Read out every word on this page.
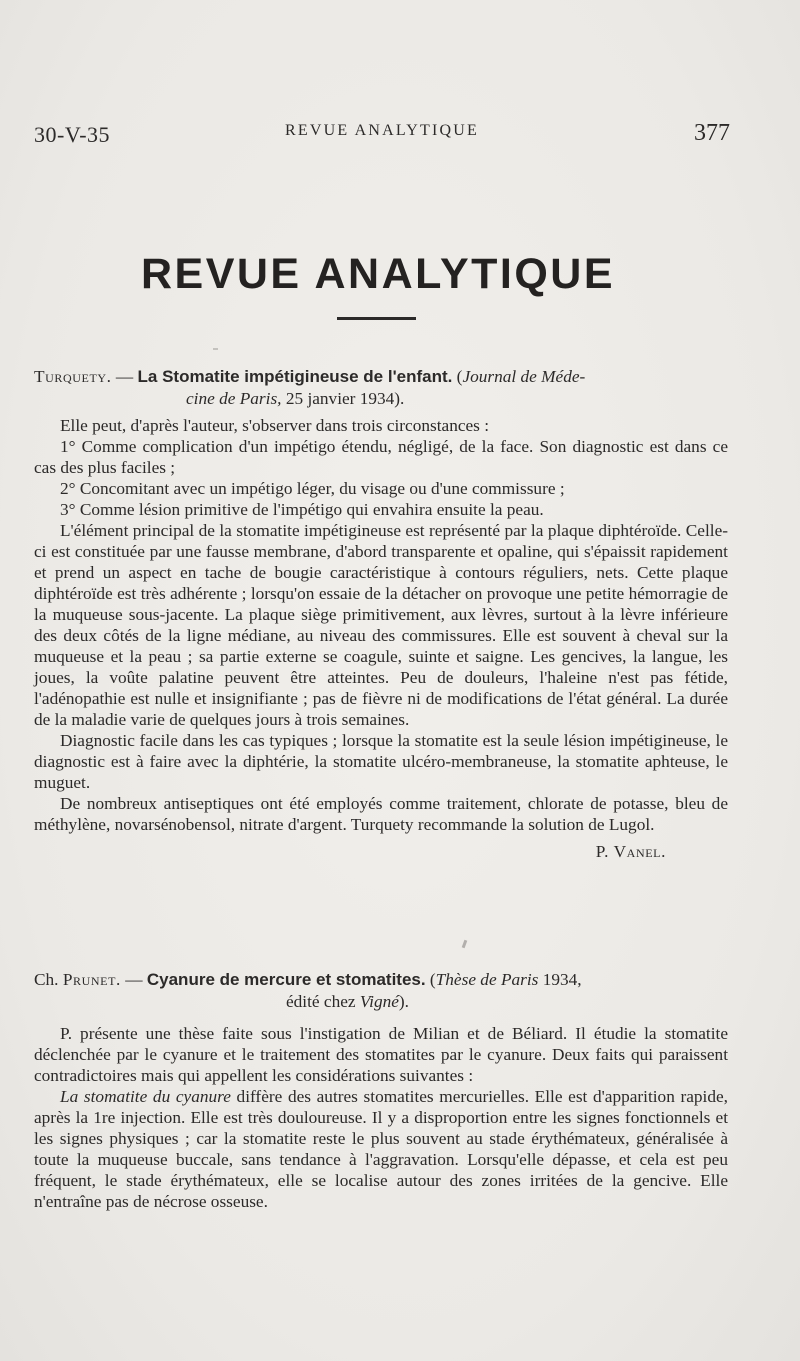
30-V-35	REVUE ANALYTIQUE	377
REVUE ANALYTIQUE
Turquety. — La Stomatite impétigineuse de l'enfant. (Journal de Méde-
cine de Paris, 25 janvier 1934).

Elle peut, d'après l'auteur, s'observer dans trois circonstances :

1° Comme complication d'un impétigo étendu, négligé, de la face. Son diagnostic est dans ce cas des plus faciles ;

2° Concomitant avec un impétigo léger, du visage ou d'une commissure ;

3° Comme lésion primitive de l'impétigo qui envahira ensuite la peau.

L'élément principal de la stomatite impétigineuse est représenté par la plaque diphtéroïde. Celle-ci est constituée par une fausse membrane, d'abord transparente et opaline, qui s'épaissit rapidement et prend un aspect en tache de bougie caractéristique à contours réguliers, nets. Cette plaque diphtéroïde est très adhérente ; lorsqu'on essaie de la détacher on provoque une petite hémorragie de la muqueuse sous-jacente. La plaque siège primitivement, aux lèvres, surtout à la lèvre inférieure des deux côtés de la ligne médiane, au niveau des commissures. Elle est souvent à cheval sur la muqueuse et la peau ; sa partie externe se coagule, suinte et saigne. Les gencives, la langue, les joues, la voûte palatine peuvent être atteintes. Peu de douleurs, l'haleine n'est pas fétide, l'adénopathie est nulle et insignifiante ; pas de fièvre ni de modifications de l'état général. La durée de la maladie varie de quelques jours à trois semaines.

Diagnostic facile dans les cas typiques ; lorsque la stomatite est la seule lésion impétigineuse, le diagnostic est à faire avec la diphtérie, la stomatite ulcéro-membraneuse, la stomatite aphteuse, le muguet.

De nombreux antiseptiques ont été employés comme traitement, chlorate de potasse, bleu de méthylène, novarsénobensol, nitrate d'argent. Turquety recommande la solution de Lugol.

P. Vanel.
Ch. Prunet. — Cyanure de mercure et stomatites. (Thèse de Paris 1934,
édité chez Vigné).

P. présente une thèse faite sous l'instigation de Milian et de Béliard. Il étudie la stomatite déclenchée par le cyanure et le traitement des stomatites par le cyanure. Deux faits qui paraissent contradictoires mais qui appellent les considérations suivantes :

La stomatite du cyanure diffère des autres stomatites mercurielles. Elle est d'apparition rapide, après la 1re injection. Elle est très douloureuse. Il y a disproportion entre les signes fonctionnels et les signes physiques ; car la stomatite reste le plus souvent au stade érythémateux, généralisée à toute la muqueuse buccale, sans tendance à l'aggravation. Lorsqu'elle dépasse, et cela est peu fréquent, le stade érythémateux, elle se localise autour des zones irritées de la gencive. Elle n'entraîne pas de nécrose osseuse.
